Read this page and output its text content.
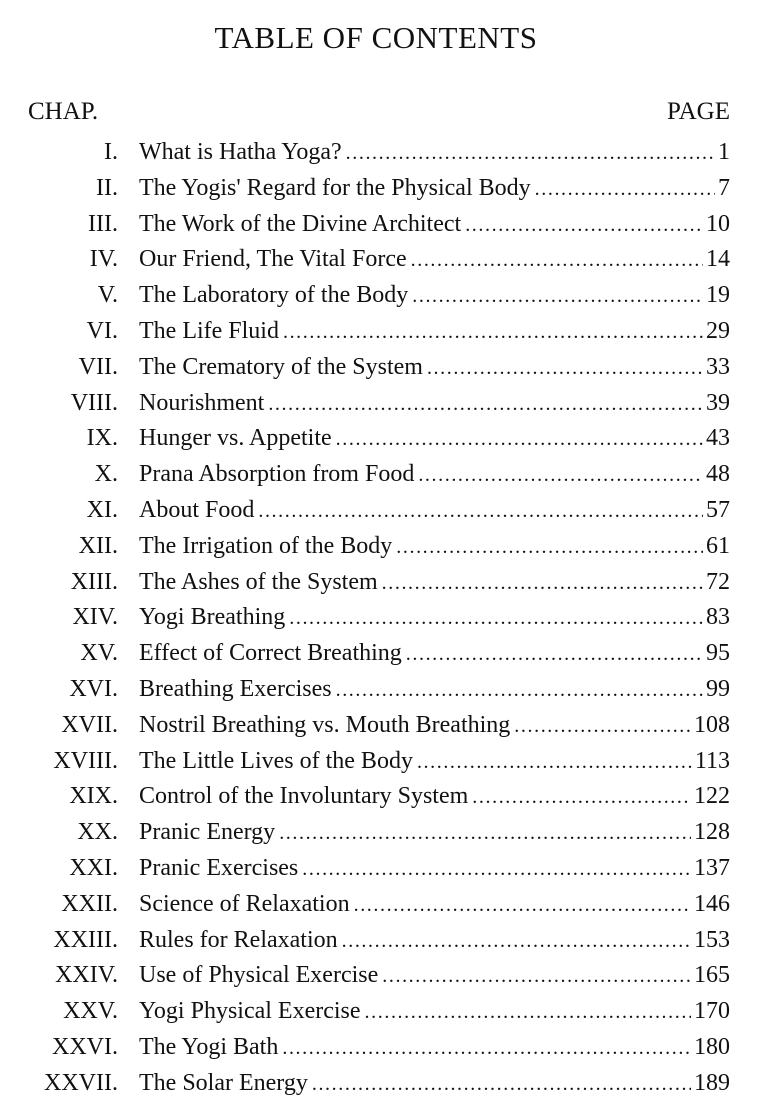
TABLE OF CONTENTS
CHAP.	PAGE
I. What is Hatha Yoga? .....	1
II. The Yogis' Regard for the Physical Body .....	7
III. The Work of the Divine Architect .....	10
IV. Our Friend, The Vital Force .....	14
V. The Laboratory of the Body .....	19
VI. The Life Fluid .....	29
VII. The Crematory of the System .....	33
VIII. Nourishment .....	39
IX. Hunger vs. Appetite .....	43
X. Prana Absorption from Food .....	48
XI. About Food .....	57
XII. The Irrigation of the Body .....	61
XIII. The Ashes of the System .....	72
XIV. Yogi Breathing .....	83
XV. Effect of Correct Breathing .....	95
XVI. Breathing Exercises .....	99
XVII. Nostril Breathing vs. Mouth Breathing .....	108
XVIII. The Little Lives of the Body .....	113
XIX. Control of the Involuntary System .....	122
XX. Pranic Energy .....	128
XXI. Pranic Exercises .....	137
XXII. Science of Relaxation .....	146
XXIII. Rules for Relaxation .....	153
XXIV. Use of Physical Exercise .....	165
XXV. Yogi Physical Exercise .....	170
XXVI. The Yogi Bath .....	180
XXVII. The Solar Energy .....	189
